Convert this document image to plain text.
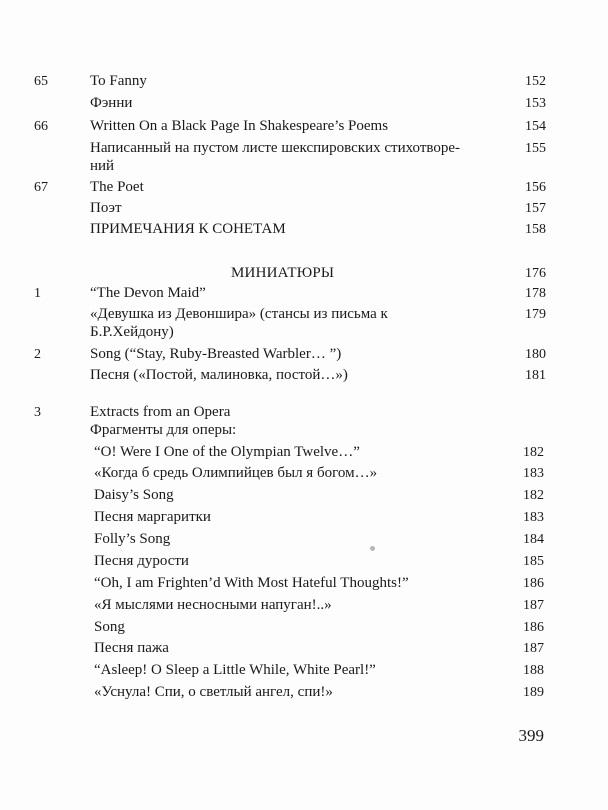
65	To Fanny	152
Фэнни	153
66	Written On a Black Page In Shakespeare’s Poems	154
Написанный на пустом листе шекспировских стихотворе-	155
ний
67	The Poet	156
Поэт	157
ПРИМЕЧАНИЯ К СОНЕТАМ	158
МИНИАТЮРЫ	176
1	“The Devon Maid”	178
«Девушка из Девоншира» (стансы из письма к	179
Б.Р.Хейдону)
2	Song (“Stay, Ruby-Breasted Warbler… ”)	180
Песня («Постой, малиновка, постой…»)	181
3	Extracts from an Opera
Фрагменты для оперы:
“O! Were I One of the Olympian Twelve…”	182
«Когда б средь Олимпийцев был я богом…»	183
Daisy’s Song	182
Песня маргаритки	183
Folly’s Song	184
Песня дурости	185
“Oh, I am Frighten’d With Most Hateful Thoughts!”	186
«Я мыслями несносными напуган!..»	187
Song	186
Песня пажа	187
“Asleep! O Sleep a Little While, White Pearl!”	188
«Уснула! Спи, о светлый ангел, спи!»	189
399
